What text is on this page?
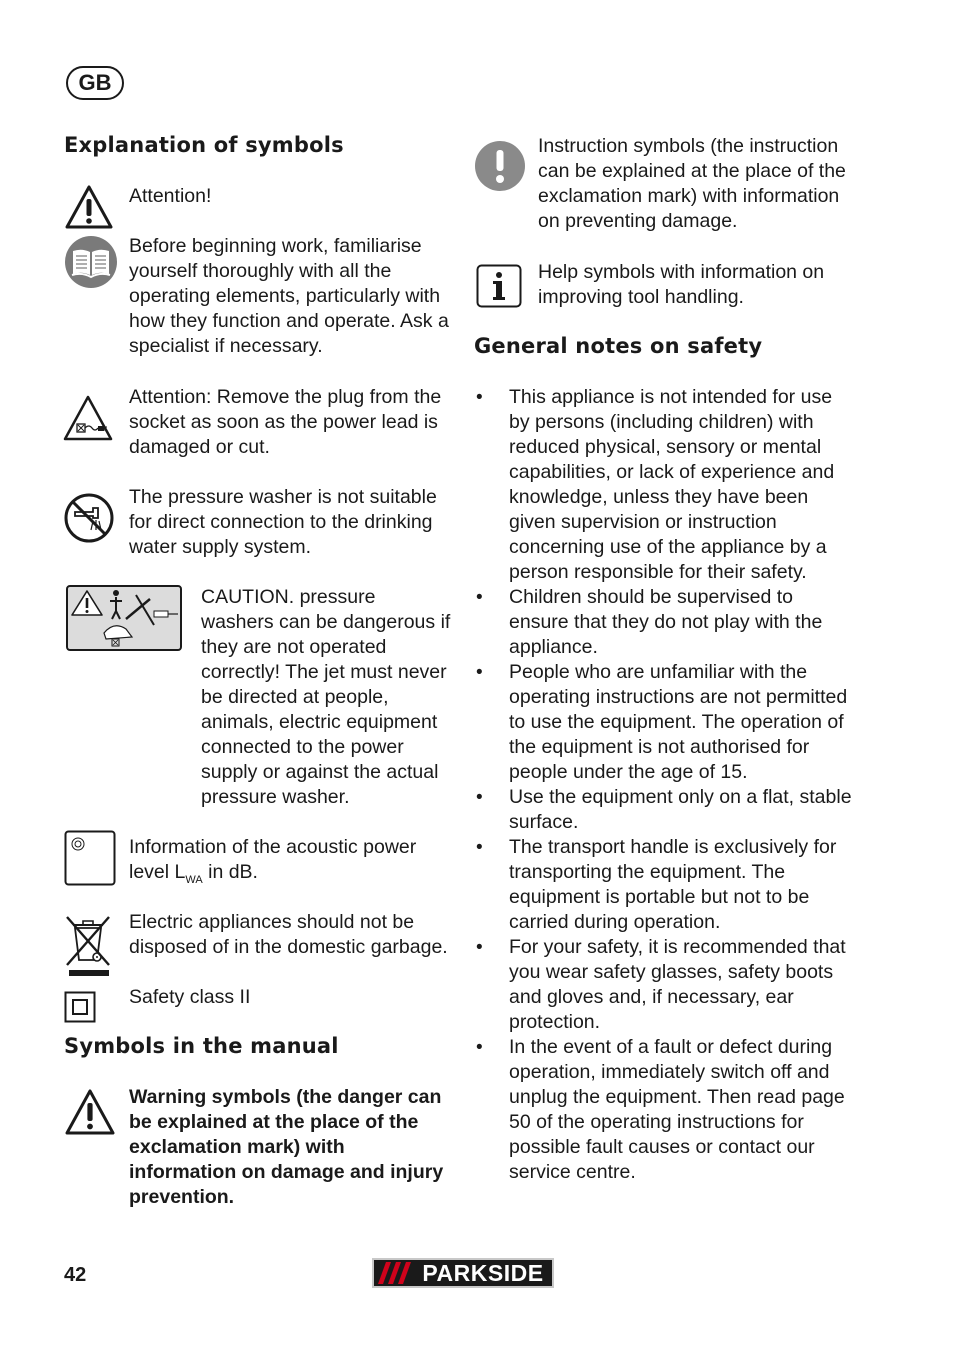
GB
Explanation of symbols
Attention!
Before beginning work, familiarise yourself thoroughly with all the operating elements, particularly with how they function and operate. Ask a specialist if necessary.
Attention: Remove the plug from the socket as soon as the power lead is damaged or cut.
The pressure washer is not suitable for direct connection to the drinking water supply system.
CAUTION. pressure washers can be dangerous if they are not operated correctly! The jet must never be directed at people, animals, electric equipment connected to the power supply or against the actual pressure washer.
Information of the acoustic power level $L_{WA}$ in dB.
Electric appliances should not be disposed of in the domestic garbage.
Safety class II
Symbols in the manual
Warning symbols (the danger can be explained at the place of the exclamation mark) with information on damage and injury prevention.
Instruction symbols (the instruction can be explained at the place of the exclamation mark) with information on preventing damage.
Help symbols with information on improving tool handling.
General notes on safety
• This appliance is not intended for use by persons (including children) with reduced physical, sensory or mental capabilities, or lack of experience and knowledge, unless they have been given supervision or instruction concerning use of the appliance by a person responsible for their safety.
• Children should be supervised to ensure that they do not play with the appliance.
• People who are unfamiliar with the operating instructions are not permitted to use the equipment. The operation of the equipment is not authorised for people under the age of 15.
• Use the equipment only on a flat, stable surface.
• The transport handle is exclusively for transporting the equipment. The equipment is portable but not to be carried during operation.
• For your safety, it is recommended that you wear safety glasses, safety boots and gloves and, if necessary, ear protection.
• In the event of a fault or defect during operation, immediately switch off and unplug the equipment. Then read page 50 of the operating instructions for possible fault causes or contact our service centre.
42	PARKSIDE
